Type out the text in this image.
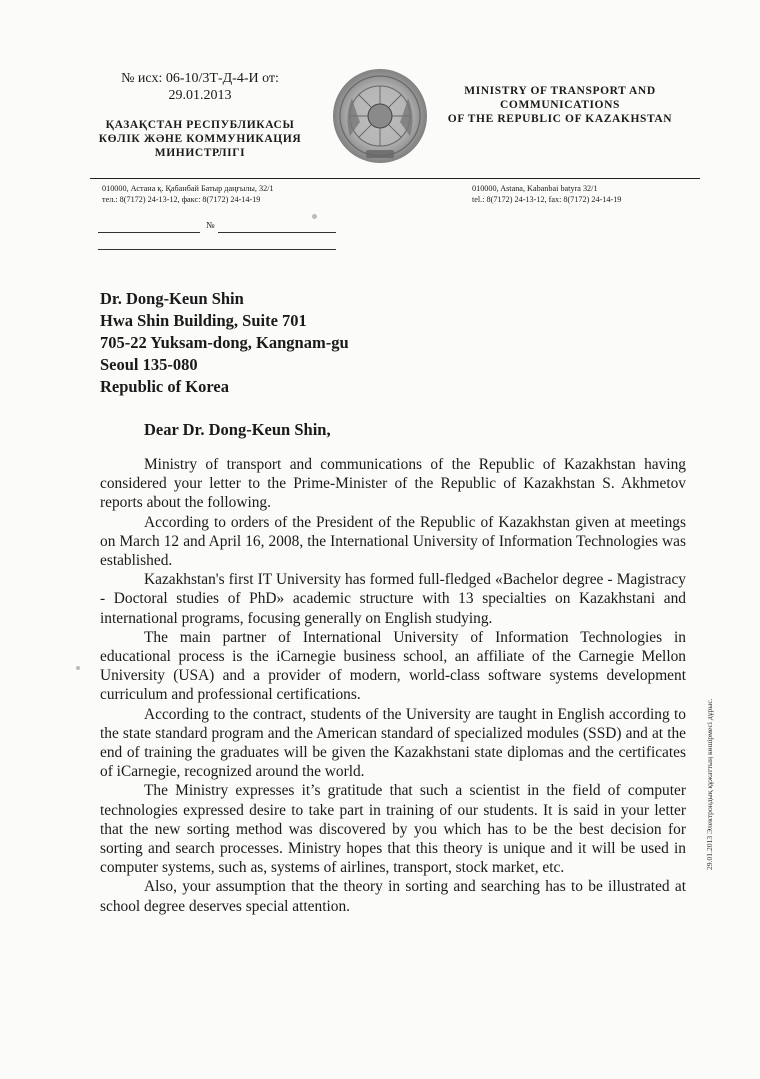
№ исх: 06-10/3Т-Д-4-И от:
29.01.2013
ҚАЗАҚСТАН РЕСПУБЛИКАСЫ
КӨЛІК ЖӘНЕ КОММУНИКАЦИЯ
МИНИСТРЛІГІ
MINISTRY OF TRANSPORT AND
COMMUNICATIONS
OF THE REPUBLIC OF KAZAKHSTAN
010000, Астана қ. Қабанбай Батыр даңғылы, 32/1
тел.: 8(7172) 24-13-12, факс: 8(7172) 24-14-19
010000, Astana, Kabanbai batyra 32/1
tel.: 8(7172) 24-13-12, fax: 8(7172) 24-14-19
№
Dr. Dong-Keun Shin
Hwa Shin Building, Suite 701
705-22 Yuksam-dong, Kangnam-gu
Seoul 135-080
Republic of Korea
Dear Dr. Dong-Keun Shin,

Ministry of transport and communications of the Republic of Kazakhstan having considered your letter to the Prime-Minister of the Republic of Kazakhstan S. Akhmetov reports about the following.

According to orders of the President of the Republic of Kazakhstan given at meetings on March 12 and April 16, 2008, the International University of Information Technologies was established.

Kazakhstan's first IT University has formed full-fledged «Bachelor degree - Magistracy - Doctoral studies of PhD» academic structure with 13 specialties on Kazakhstani and international programs, focusing generally on English studying.

The main partner of International University of Information Technologies in educational process is the iCarnegie business school, an affiliate of the Carnegie Mellon University (USA) and a provider of modern, world-class software systems development curriculum and professional certifications.

According to the contract, students of the University are taught in English according to the state standard program and the American standard of specialized modules (SSD) and at the end of training the graduates will be given the Kazakhstani state diplomas and the certificates of iCarnegie, recognized around the world.

The Ministry expresses it’s gratitude that such a scientist in the field of computer technologies expressed desire to take part in training of our students. It is said in your letter that the new sorting method was discovered by you which has to be the best decision for sorting and search processes. Ministry hopes that this theory is unique and it will be used in computer systems, such as, systems of airlines, transport, stock market, etc.

Also, your assumption that the theory in sorting and searching has to be illustrated at school degree deserves special attention.

29.01.2013 Электрондық құжаттың көшірмесі дұрыс.
